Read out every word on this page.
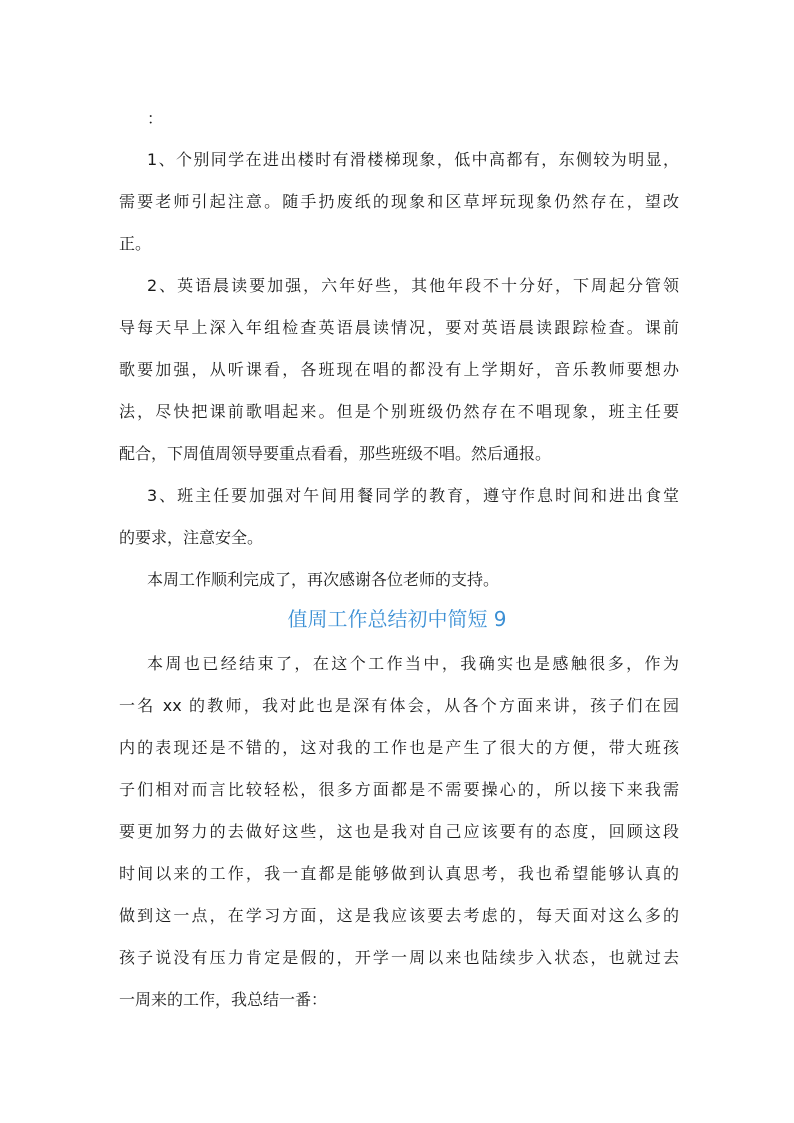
：
1、个别同学在进出楼时有滑楼梯现象，低中高都有，东侧较为明显，
需要老师引起注意。随手扔废纸的现象和区草坪玩现象仍然存在，望改
正。
2、英语晨读要加强，六年好些，其他年段不十分好，下周起分管领
导每天早上深入年组检查英语晨读情况，要对英语晨读跟踪检查。课前
歌要加强，从听课看，各班现在唱的都没有上学期好，音乐教师要想办
法，尽快把课前歌唱起来。但是个别班级仍然存在不唱现象，班主任要
配合，下周值周领导要重点看看，那些班级不唱。然后通报。
3、班主任要加强对午间用餐同学的教育，遵守作息时间和进出食堂
的要求，注意安全。
本周工作顺利完成了，再次感谢各位老师的支持。
值周工作总结初中简短 9
本周也已经结束了，在这个工作当中，我确实也是感触很多，作为
一名 xx 的教师，我对此也是深有体会，从各个方面来讲，孩子们在园
内的表现还是不错的，这对我的工作也是产生了很大的方便，带大班孩
子们相对而言比较轻松，很多方面都是不需要操心的，所以接下来我需
要更加努力的去做好这些，这也是我对自己应该要有的态度，回顾这段
时间以来的工作，我一直都是能够做到认真思考，我也希望能够认真的
做到这一点，在学习方面，这是我应该要去考虑的，每天面对这么多的
孩子说没有压力肯定是假的，开学一周以来也陆续步入状态，也就过去
一周来的工作，我总结一番：
